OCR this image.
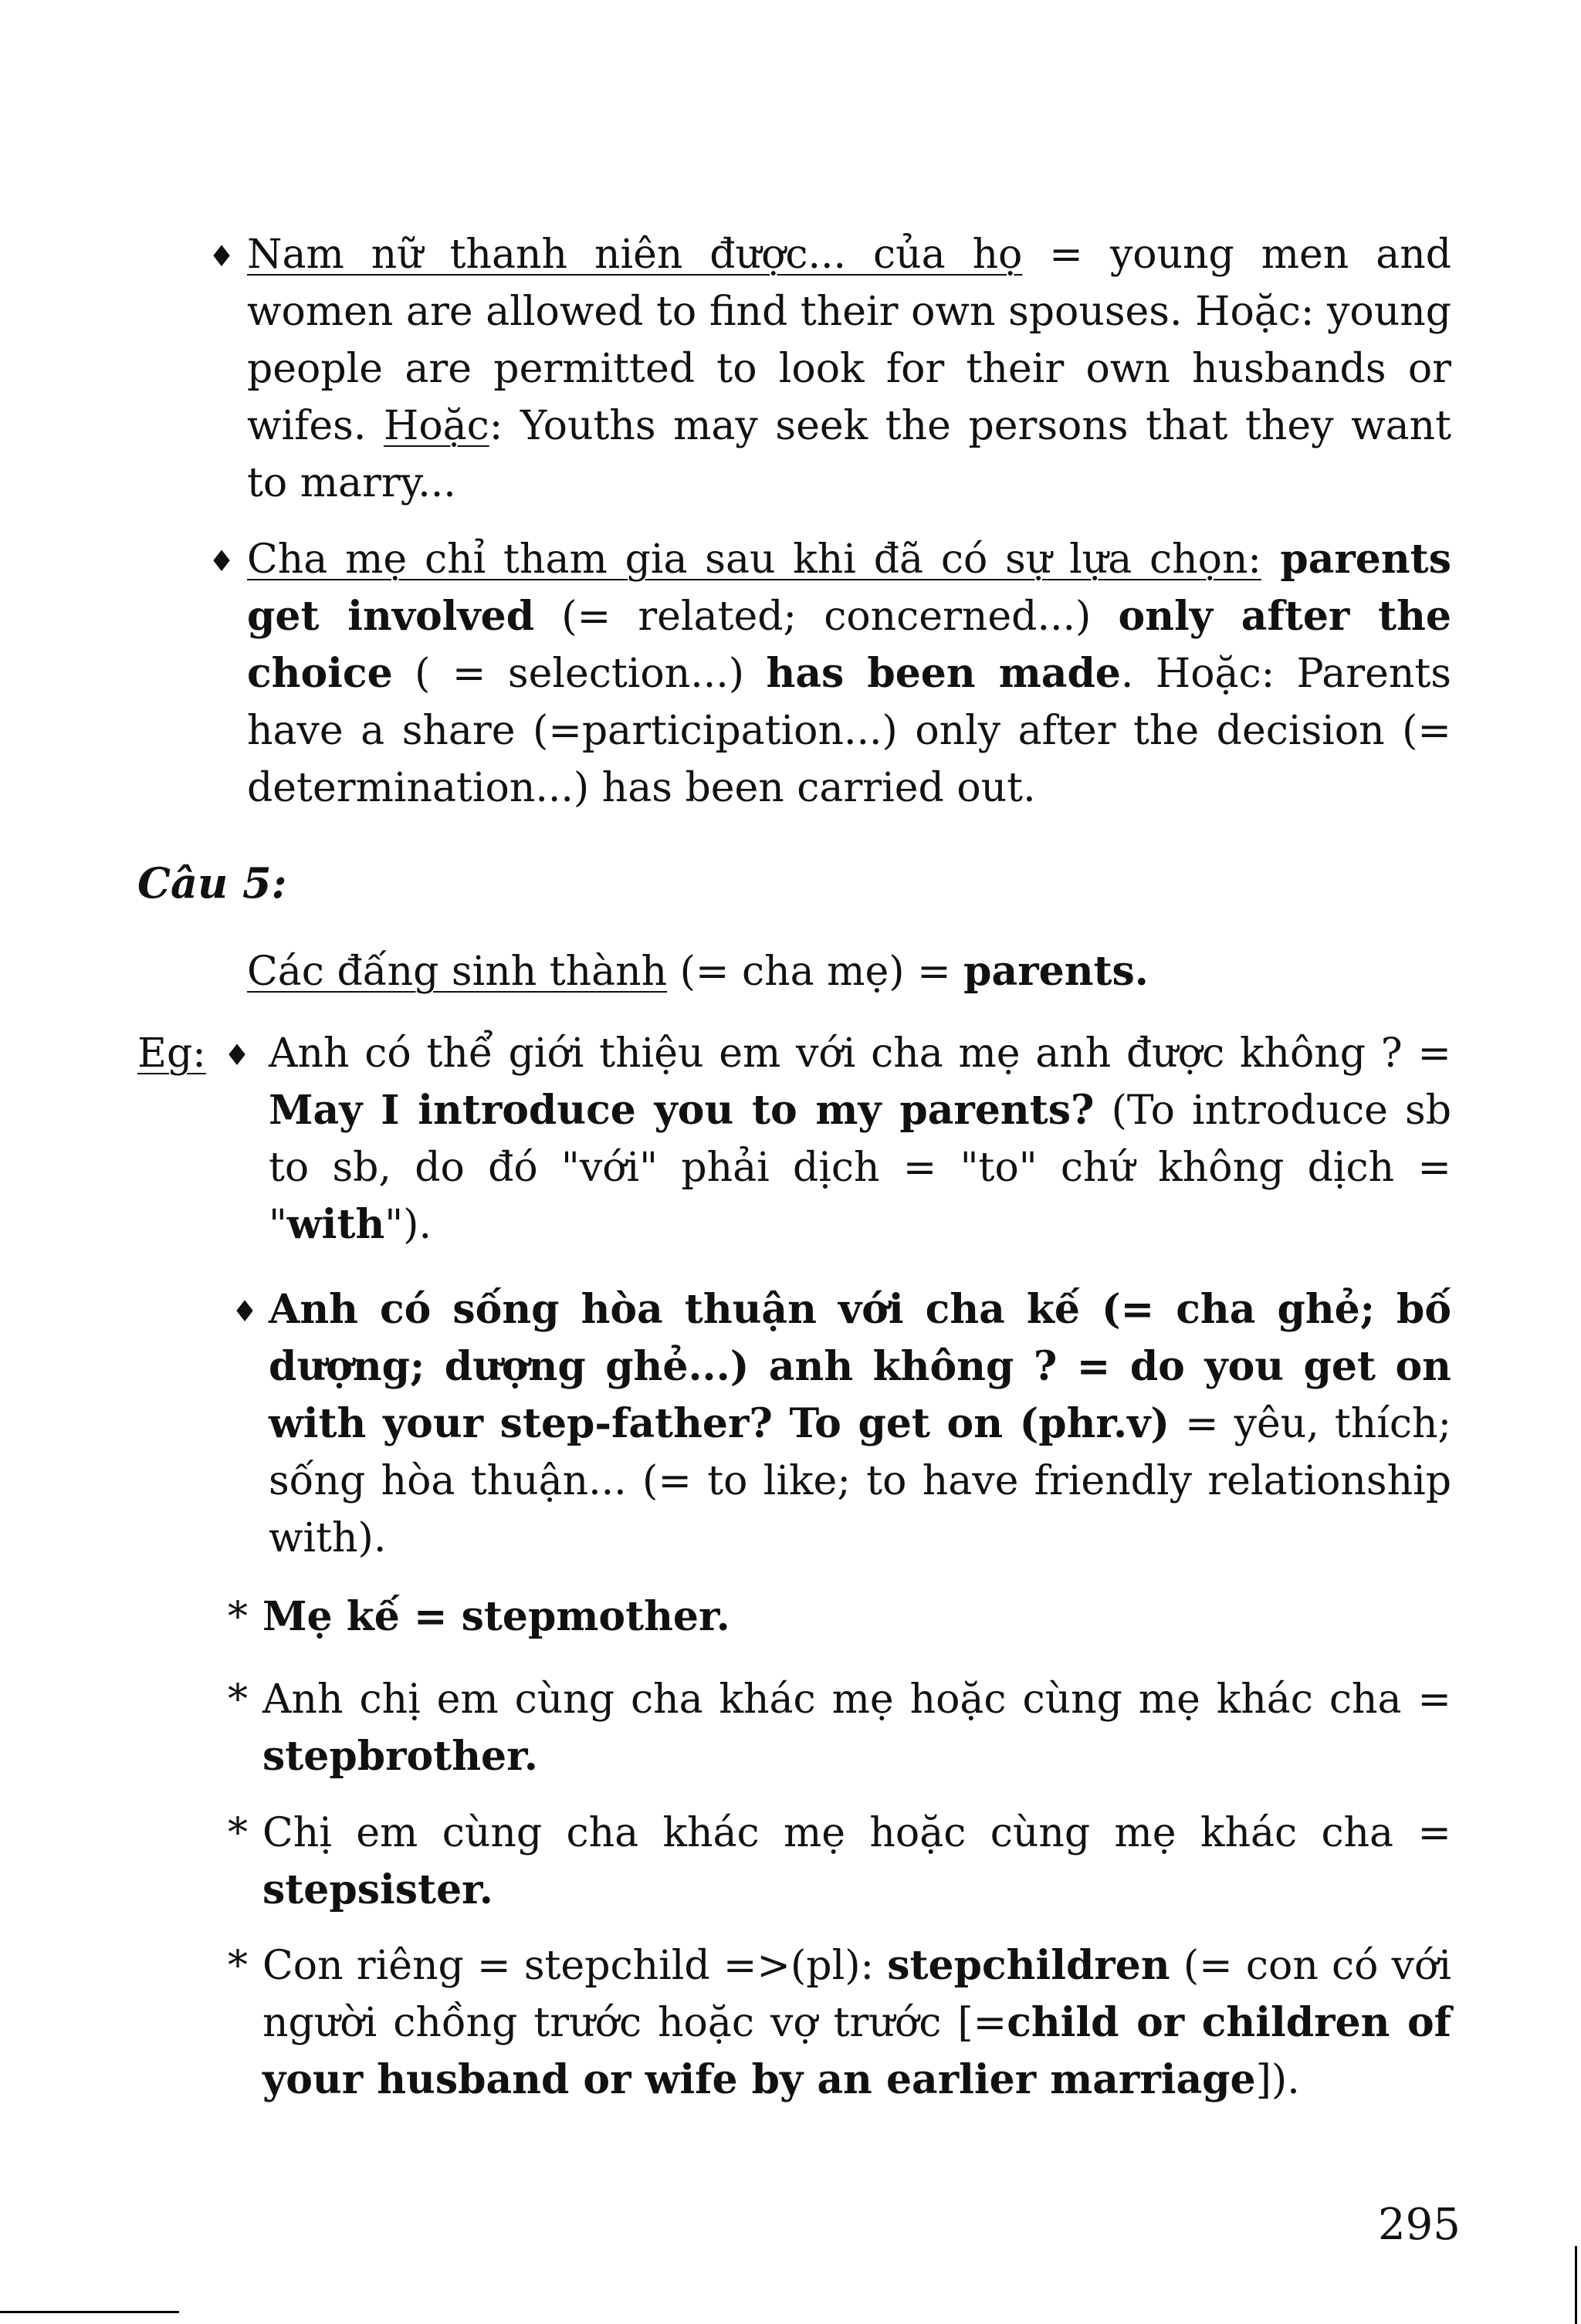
♦ Nam nữ thanh niên được... của họ = young men and women are allowed to find their own spouses. Hoặc: young people are permitted to look for their own husbands or wifes. Hoặc: Youths may seek the persons that they want to marry...
♦ Cha mẹ chỉ tham gia sau khi đã có sự lựa chọn: parents get involved (= related; concerned...) only after the choice ( = selection...) has been made. Hoặc: Parents have a share (=participation...) only after the decision (= determination...) has been carried out.
Câu 5:
Các đấng sinh thành (= cha mẹ) = parents.
Eg: ♦ Anh có thể giới thiệu em với cha mẹ anh được không ? = May I introduce you to my parents? (To introduce sb to sb, do đó "với" phải dịch = "to" chứ không dịch = "with").
♦ Anh có sống hòa thuận với cha kế (= cha ghẻ; bố dượng; dượng ghẻ...) anh không ? = do you get on with your step-father? To get on (phr.v) = yêu, thích; sống hòa thuận... (= to like; to have friendly relationship with).
* Mẹ kế = stepmother.
* Anh chị em cùng cha khác mẹ hoặc cùng mẹ khác cha = stepbrother.
* Chị em cùng cha khác mẹ hoặc cùng mẹ khác cha = stepsister.
* Con riêng = stepchild =>(pl): stepchildren (= con có với người chồng trước hoặc vợ trước [=child or children of your husband or wife by an earlier marriage]).
295
